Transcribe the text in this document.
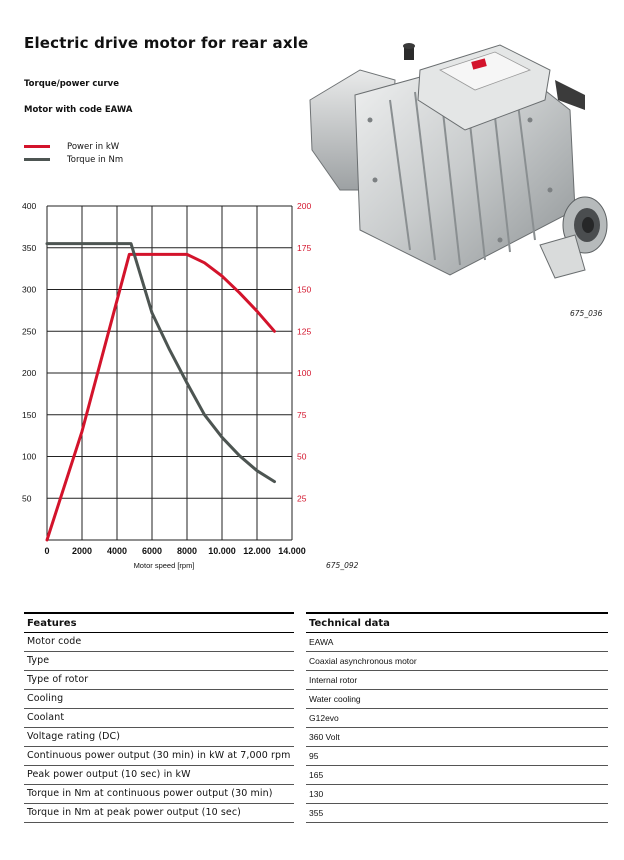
Electric drive motor for rear axle
Torque/power curve
Motor with code EAWA
Power in kW
Torque in Nm
675_036
0 2000 4000 6000 8000 10.000 12.000 14.000
50
100
150
200
250
300
350
400
25
50
75
100
125
150
175
200
Motor speed [rpm]	675_092
Features		Technical data
Motor code		EAWA
Type		Coaxial asynchronous motor
Type of rotor		Internal rotor
Cooling		Water cooling
Coolant		G12evo
Voltage rating (DC)		360 Volt
Continuous power output (30 min) in kW at 7,000 rpm		95
Peak power output (10 sec) in kW		165
Torque in Nm at continuous power output (30 min)		130
Torque in Nm at peak power output (10 sec)		355
